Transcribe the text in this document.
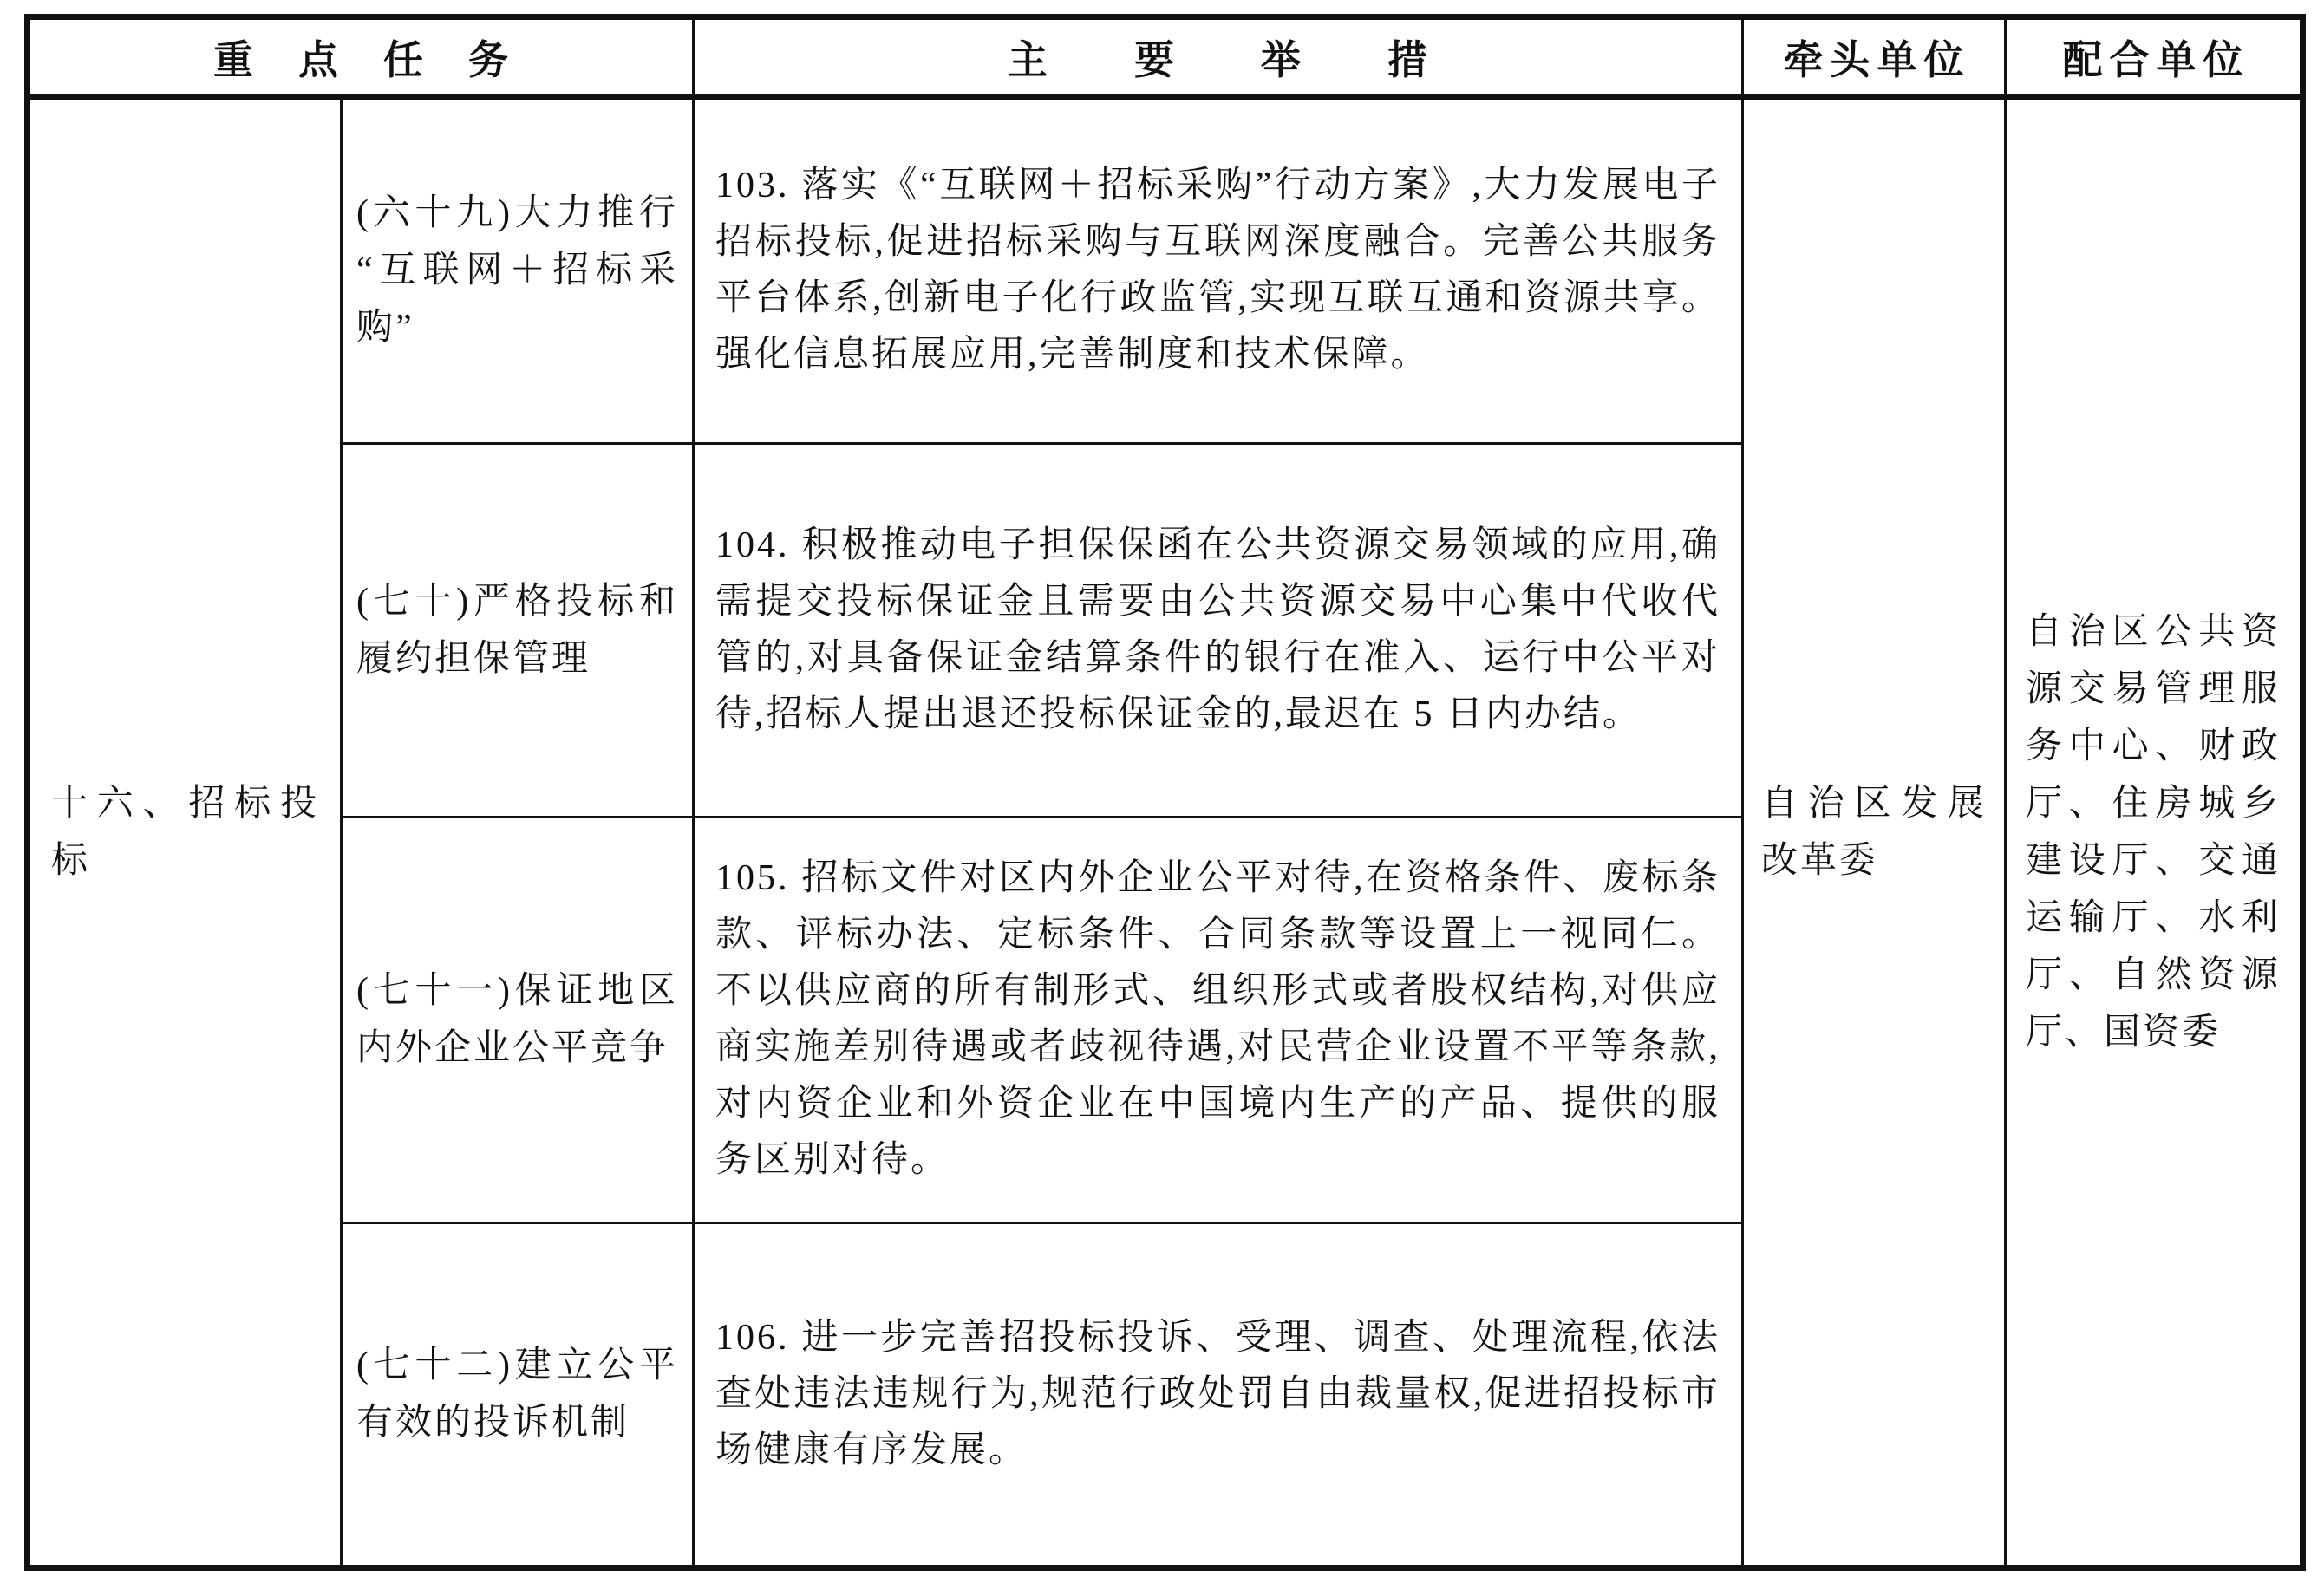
重点任务		主要举措	牵头单位	配合单位
十六、招标投标	(六十九)大力推行“互联网＋招标采购”	103. 落实《“互联网＋招标采购”行动方案》,大力发展电子招标投标,促进招标采购与互联网深度融合。完善公共服务平台体系,创新电子化行政监管,实现互联互通和资源共享。强化信息拓展应用,完善制度和技术保障。	自治区发展改革委	自治区公共资源交易管理服务中心、财政厅、住房城乡建设厅、交通运输厅、水利厅、自然资源厅、国资委
	(七十)严格投标和履约担保管理	104. 积极推动电子担保保函在公共资源交易领域的应用,确需提交投标保证金且需要由公共资源交易中心集中代收代管的,对具备保证金结算条件的银行在准入、运行中公平对待,招标人提出退还投标保证金的,最迟在 5 日内办结。		
	(七十一)保证地区内外企业公平竞争	105. 招标文件对区内外企业公平对待,在资格条件、废标条款、评标办法、定标条件、合同条款等设置上一视同仁。不以供应商的所有制形式、组织形式或者股权结构,对供应商实施差别待遇或者歧视待遇,对民营企业设置不平等条款,对内资企业和外资企业在中国境内生产的产品、提供的服务区别对待。		
	(七十二)建立公平有效的投诉机制	106. 进一步完善招投标投诉、受理、调查、处理流程,依法查处违法违规行为,规范行政处罚自由裁量权,促进招投标市场健康有序发展。		
